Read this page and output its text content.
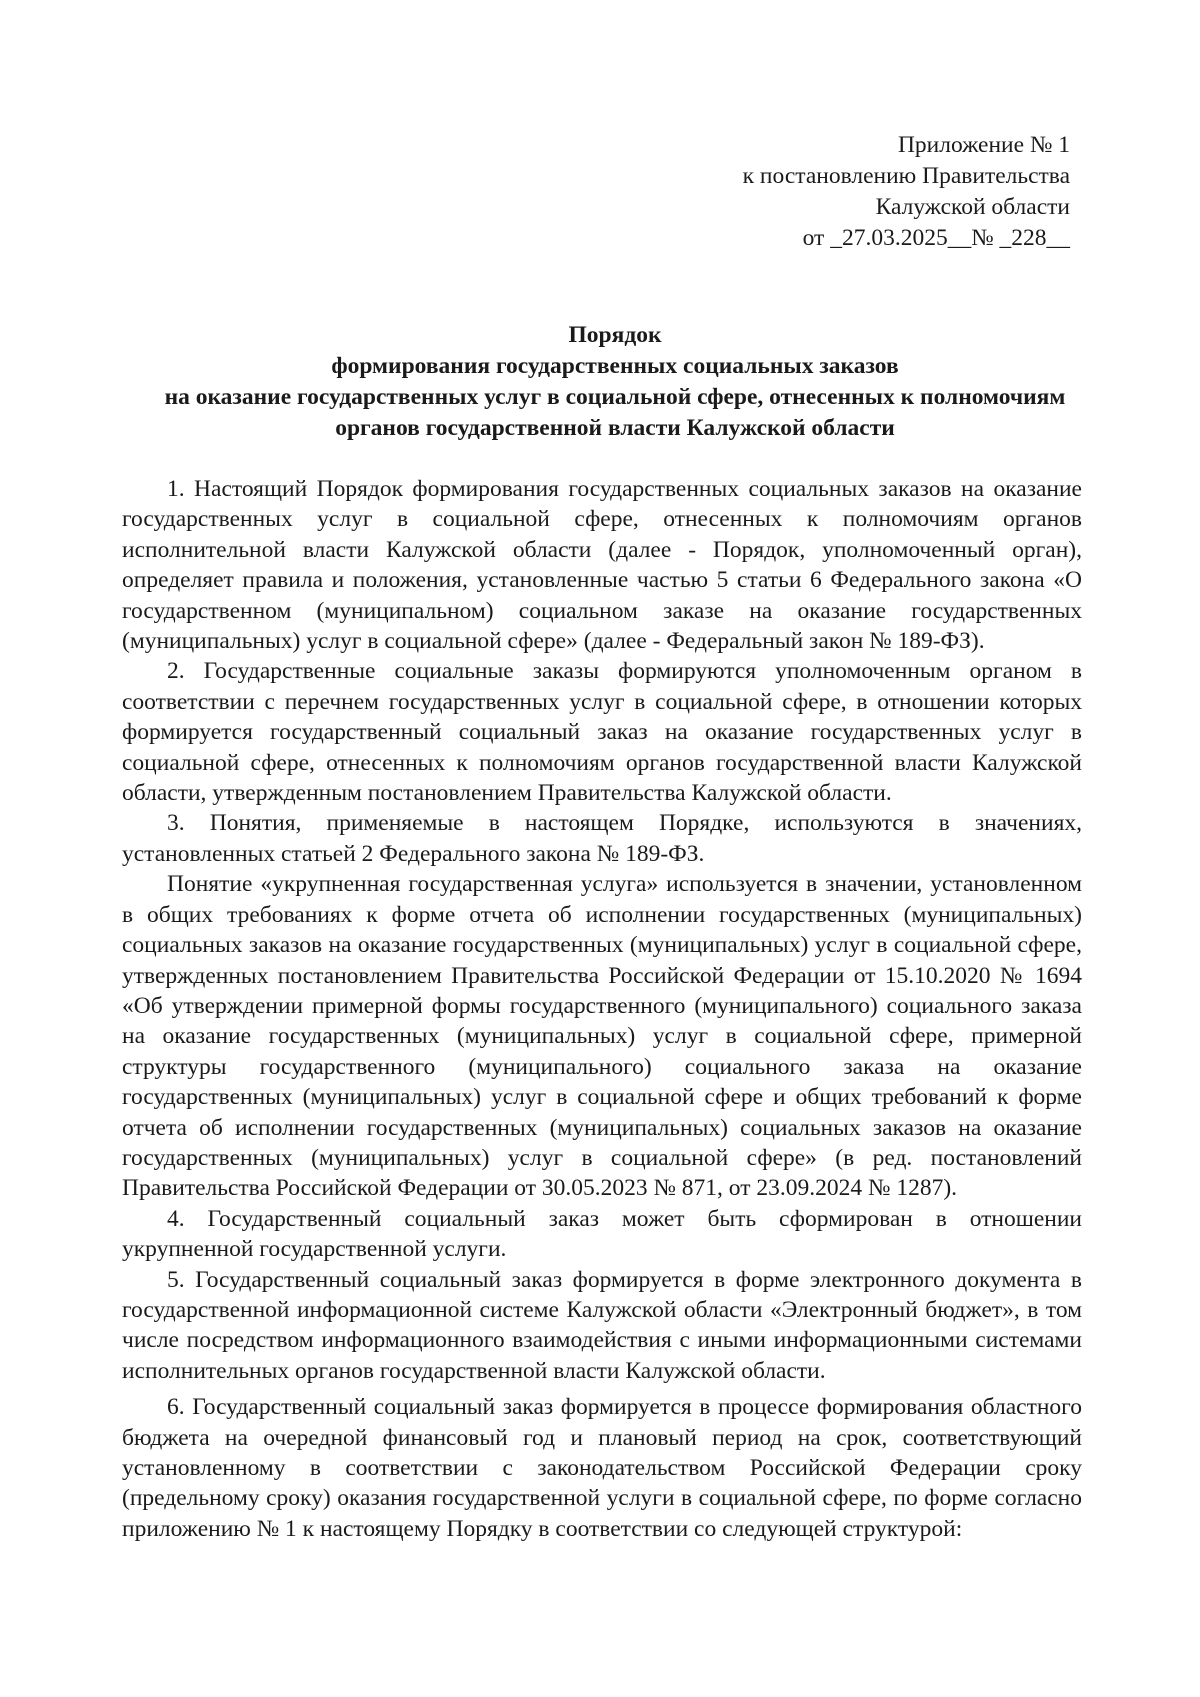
Приложение № 1
к постановлению Правительства
Калужской области
от _27.03.2025__№ _228__
Порядок
формирования государственных социальных заказов
на оказание государственных услуг в социальной сфере, отнесенных к полномочиям
органов государственной власти Калужской области

1. Настоящий Порядок формирования государственных социальных заказов на оказание государственных услуг в социальной сфере, отнесенных к полномочиям органов исполнительной власти Калужской области (далее - Порядок, уполномоченный орган), определяет правила и положения, установленные частью 5 статьи 6 Федерального закона «О государственном (муниципальном) социальном заказе на оказание государственных (муниципальных) услуг в социальной сфере» (далее - Федеральный закон № 189-ФЗ).

2. Государственные социальные заказы формируются уполномоченным органом в соответствии с перечнем государственных услуг в социальной сфере, в отношении которых формируется государственный социальный заказ на оказание государственных услуг в социальной сфере, отнесенных к полномочиям органов государственной власти Калужской области, утвержденным постановлением Правительства Калужской области.

3. Понятия, применяемые в настоящем Порядке, используются в значениях, установленных статьей 2 Федерального закона № 189-ФЗ.

Понятие «укрупненная государственная услуга» используется в значении, установленном в общих требованиях к форме отчета об исполнении государственных (муниципальных) социальных заказов на оказание государственных (муниципальных) услуг в социальной сфере, утвержденных постановлением Правительства Российской Федерации от 15.10.2020 № 1694 «Об утверждении примерной формы государственного (муниципального) социального заказа на оказание государственных (муниципальных) услуг в социальной сфере, примерной структуры государственного (муниципального) социального заказа на оказание государственных (муниципальных) услуг в социальной сфере и общих требований к форме отчета об исполнении государственных (муниципальных) социальных заказов на оказание государственных (муниципальных) услуг в социальной сфере» (в ред. постановлений Правительства Российской Федерации от 30.05.2023 № 871, от 23.09.2024 № 1287).

4. Государственный социальный заказ может быть сформирован в отношении укрупненной государственной услуги.

5. Государственный социальный заказ формируется в форме электронного документа в государственной информационной системе Калужской области «Электронный бюджет», в том числе посредством информационного взаимодействия с иными информационными системами исполнительных органов государственной власти Калужской области.

6. Государственный социальный заказ формируется в процессе формирования областного бюджета на очередной финансовый год и плановый период на срок, соответствующий установленному в соответствии с законодательством Российской Федерации сроку (предельному сроку) оказания государственной услуги в социальной сфере, по форме согласно приложению № 1 к настоящему Порядку в соответствии со следующей структурой:
